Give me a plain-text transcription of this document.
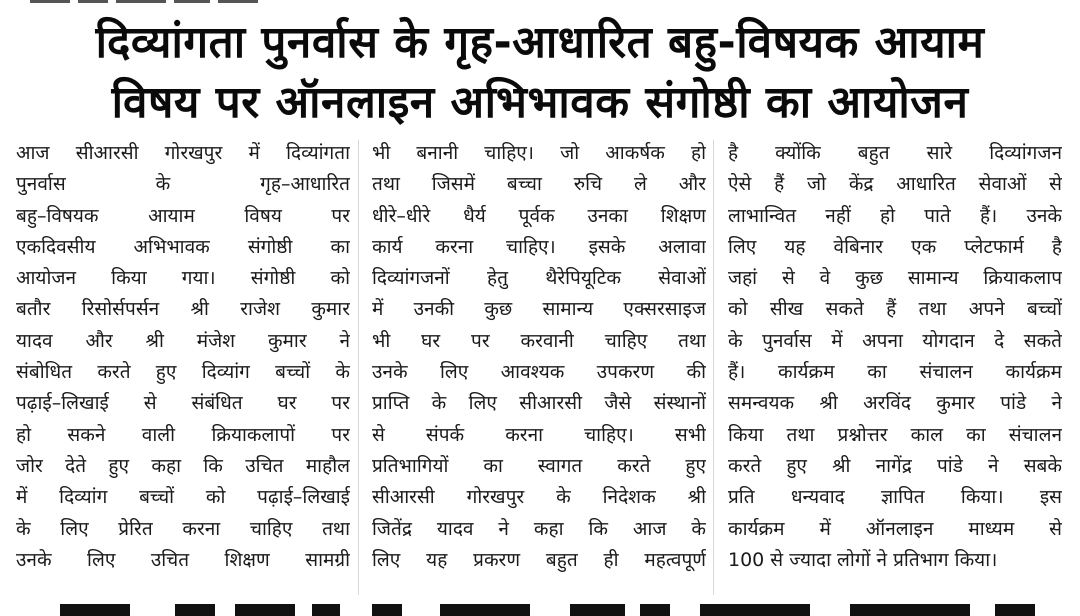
दिव्यांगता पुनर्वास के गृह-आधारित बहु-विषयक आयाम
विषय पर ऑनलाइन अभिभावक संगोष्ठी का आयोजन
आज सीआरसी गोरखपुर में दिव्यांगता
पुनर्वास के गृह–आधारित
बहु–विषयक आयाम विषय पर
एकदिवसीय अभिभावक संगोष्ठी का
आयोजन किया गया। संगोष्ठी को
बतौर रिसोर्सपर्सन श्री राजेश कुमार
यादव और श्री मंजेश कुमार ने
संबोधित करते हुए दिव्यांग बच्चों के
पढ़ाई–लिखाई से संबंधित घर पर
हो सकने वाली क्रियाकलापों पर
जोर देते हुए कहा कि उचित माहौल
में दिव्यांग बच्चों को पढ़ाई–लिखाई
के लिए प्रेरित करना चाहिए तथा
उनके लिए उचित शिक्षण सामग्री
भी बनानी चाहिए। जो आकर्षक हो
तथा जिसमें बच्चा रुचि ले और
धीरे–धीरे धैर्य पूर्वक उनका शिक्षण
कार्य करना चाहिए। इसके अलावा
दिव्यांगजनों हेतु थैरेपियूटिक सेवाओं
में उनकी कुछ सामान्य एक्सरसाइज
भी घर पर करवानी चाहिए तथा
उनके लिए आवश्यक उपकरण की
प्राप्ति के लिए सीआरसी जैसे संस्थानों
से संपर्क करना चाहिए। सभी
प्रतिभागियों का स्वागत करते हुए
सीआरसी गोरखपुर के निदेशक श्री
जितेंद्र यादव ने कहा कि आज के
लिए यह प्रकरण बहुत ही महत्वपूर्ण
है क्योंकि बहुत सारे दिव्यांगजन
ऐसे हैं जो केंद्र आधारित सेवाओं से
लाभान्वित नहीं हो पाते हैं। उनके
लिए यह वेबिनार एक प्लेटफार्म है
जहां से वे कुछ सामान्य क्रियाकलाप
को सीख सकते हैं तथा अपने बच्चों
के पुनर्वास में अपना योगदान दे सकते
हैं। कार्यक्रम का संचालन कार्यक्रम
समन्वयक श्री अरविंद कुमार पांडे ने
किया तथा प्रश्नोत्तर काल का संचालन
करते हुए श्री नागेंद्र पांडे ने सबके
प्रति धन्यवाद ज्ञापित किया। इस
कार्यक्रम में ऑनलाइन माध्यम से
100 से ज्यादा लोगों ने प्रतिभाग किया।
